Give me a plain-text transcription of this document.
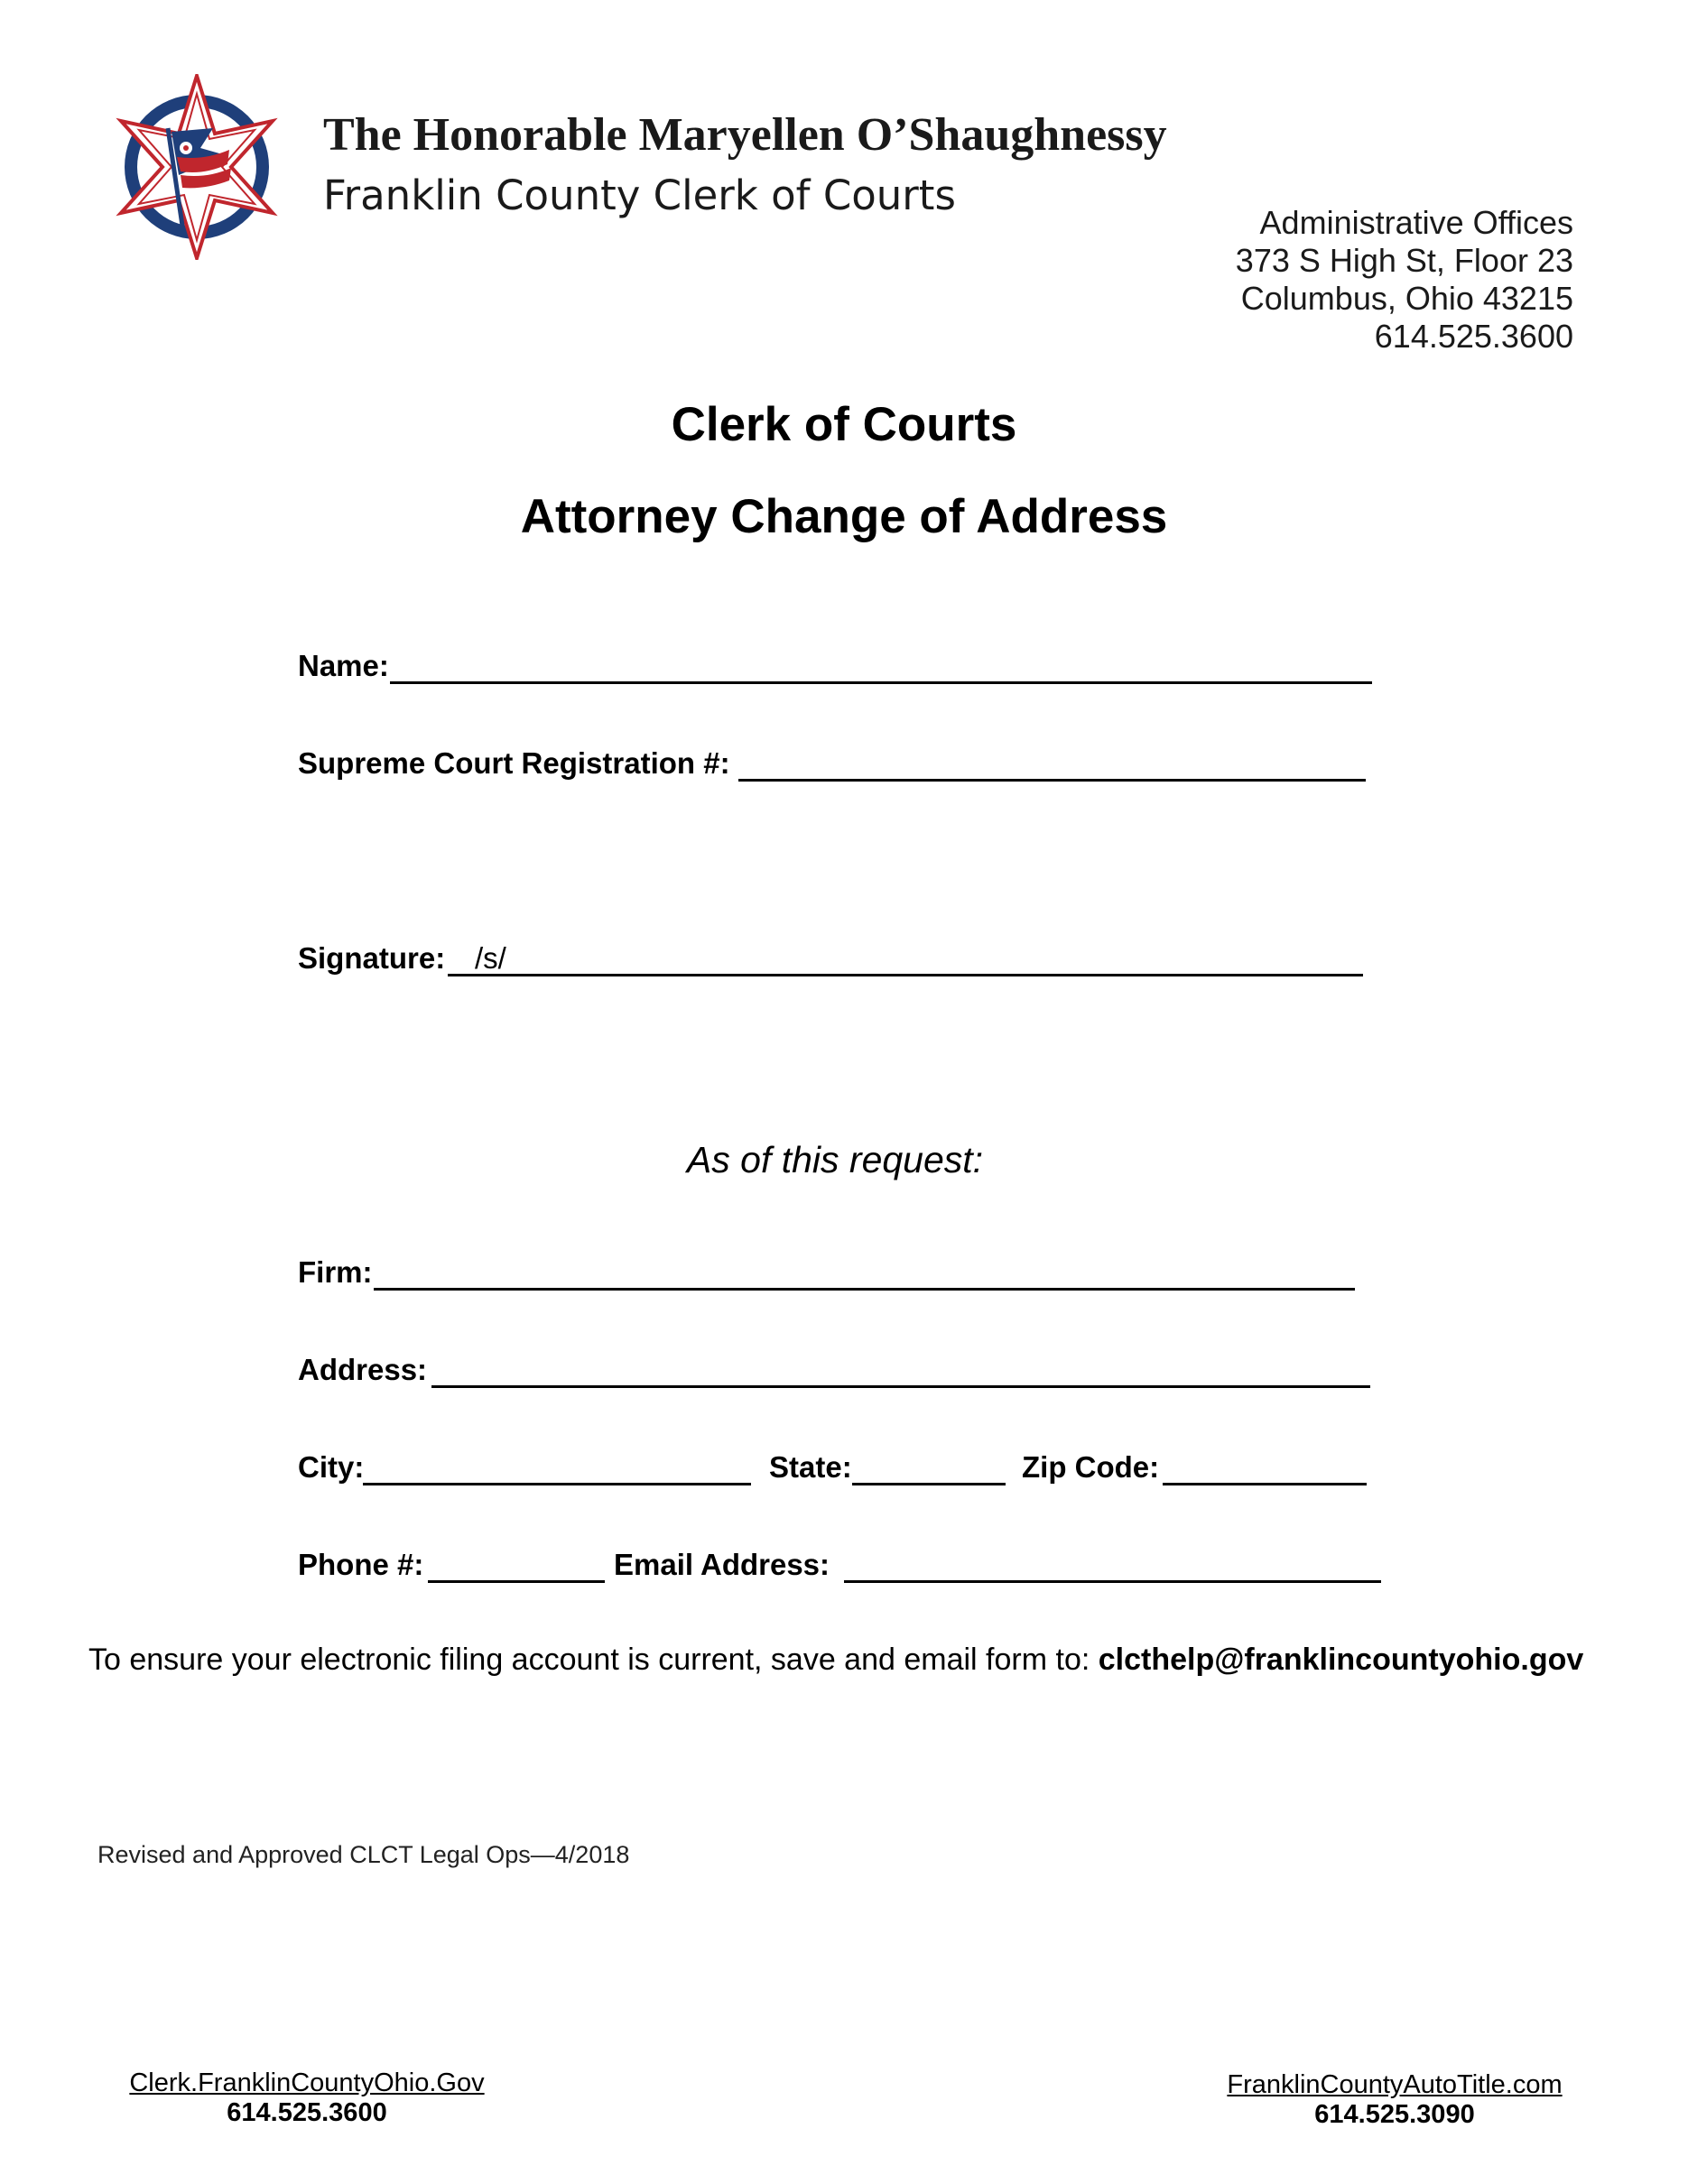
The Honorable Maryellen O’Shaughnessy
Franklin County Clerk of Courts
Administrative Offices
373 S High St, Floor 23
Columbus, Ohio 43215
614.525.3600
Clerk of Courts
Attorney Change of Address
Name:
Supreme Court Registration #:
Signature: /s/
As of this request:
Firm:
Address:
City:	State:	Zip Code:
Phone #:	Email Address:
To ensure your electronic filing account is current, save and email form to: clcthelp@franklincountyohio.gov
Revised and Approved CLCT Legal Ops—4/2018
Clerk.FranklinCountyOhio.Gov
614.525.3600
FranklinCountyAutoTitle.com
614.525.3090
